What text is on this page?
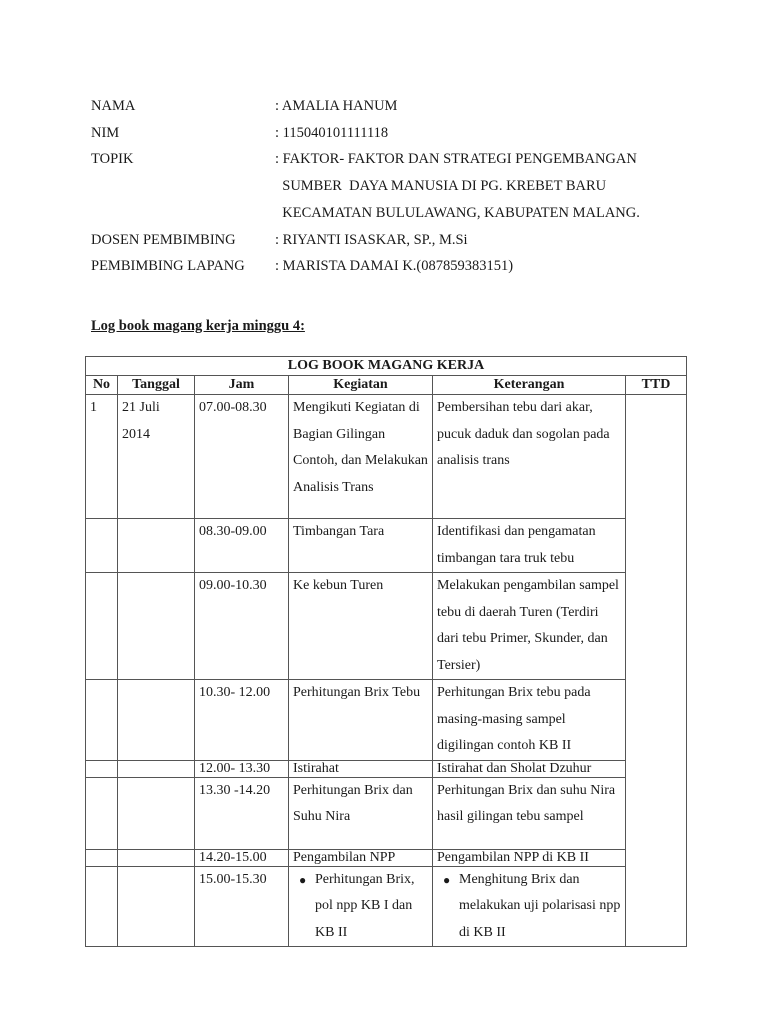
NAMA	: AMALIA HANUM
NIM	: 115040101111118
TOPIK	: FAKTOR- FAKTOR DAN STRATEGI PENGEMBANGAN
SUMBER  DAYA MANUSIA DI PG. KREBET BARU
KECAMATAN BULULAWANG, KABUPATEN MALANG.
DOSEN PEMBIMBING	: RIYANTI ISASKAR, SP., M.Si
PEMBIMBING LAPANG	: MARISTA DAMAI K.(087859383151)
Log book magang kerja minggu 4:
LOG BOOK MAGANG KERJA					
No	Tanggal	Jam	Kegiatan	Keterangan	TTD
1	21 Juli 2014	07.00-08.30	Mengikuti Kegiatan di Bagian Gilingan Contoh, dan Melakukan Analisis Trans	Pembersihan tebu dari akar, pucuk daduk dan sogolan pada analisis trans	
		08.30-09.00	Timbangan Tara	Identifikasi dan pengamatan timbangan tara truk tebu	
		09.00-10.30	Ke kebun Turen	Melakukan pengambilan sampel tebu di daerah Turen (Terdiri dari tebu Primer, Skunder, dan Tersier)	
		10.30- 12.00	Perhitungan Brix Tebu	Perhitungan Brix tebu pada masing-masing sampel digilingan contoh KB II	
		12.00- 13.30	Istirahat	Istirahat dan Sholat Dzuhur	
		13.30 -14.20	Perhitungan Brix dan Suhu Nira	Perhitungan Brix dan suhu Nira hasil gilingan tebu sampel	
		14.20-15.00	Pengambilan NPP	Pengambilan NPP di KB II	
		15.00-15.30	● Perhitungan Brix, pol npp KB I dan KB II	● Menghitung Brix dan melakukan uji polarisasi npp di KB II	
